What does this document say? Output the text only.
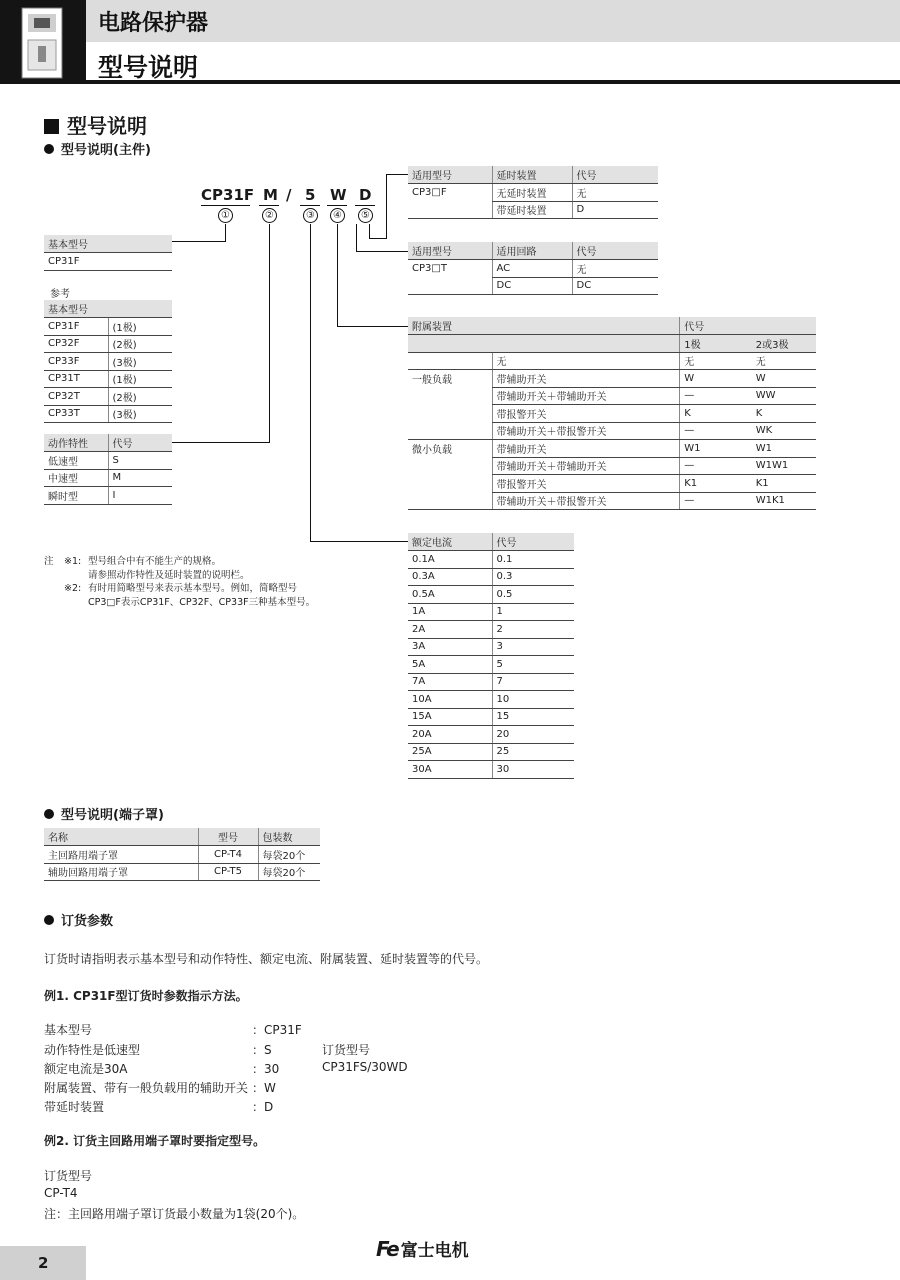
电路保护器
型号说明
型号说明
型号说明(主件)
CP31F M / 5 W D
①	②	③	④	⑤
基本型号
CP31F
参考
基本型号	
CP31F	(1极)
CP32F	(2极)
CP33F	(3极)
CP31T	(1极)
CP32T	(2极)
CP33T	(3极)
动作特性	代号
低速型	S
中速型	M
瞬时型	I
适用型号	延时装置	代号
CP3□F	无延时装置	无
	带延时装置	D
适用型号	适用回路	代号
CP3□T	AC	无
	DC	DC
附属装置		代号	
		1极	2或3极
	无	无	无
一般负载	带辅助开关	W	W
	带辅助开关＋带辅助开关	—	WW
	带报警开关	K	K
	带辅助开关＋带报警开关	—	WK
微小负载	带辅助开关	W1	W1
	带辅助开关＋带辅助开关	—	W1W1
	带报警开关	K1	K1
	带辅助开关＋带报警开关	—	W1K1
额定电流	代号
0.1A	0.1
0.3A	0.3
0.5A	0.5
1A	1
2A	2
3A	3
5A	5
7A	7
10A	10
15A	15
20A	20
25A	25
30A	30
注 ※1: 型号组合中有不能生产的规格。
请参照动作特性及延时装置的说明栏。
※2: 有时用简略型号来表示基本型号。例如，简略型号
CP3□F表示CP31F、CP32F、CP33F三种基本型号。
型号说明(端子罩)
名称	型号	包装数
主回路用端子罩	CP-T4	每袋20个
辅助回路用端子罩	CP-T5	每袋20个
订货参数
订货时请指明表示基本型号和动作特性、额定电流、附属装置、延时装置等的代号。
例1. CP31F型订货时参数指示方法。
基本型号	：CP31F
动作特性是低速型	：S	订货型号
额定电流是30A	：30	CP31FS/30WD
附属装置、带有一般负载用的辅助开关 ：W
带延时装置	：D
例2. 订货主回路用端子罩时要指定型号。
订货型号
CP-T4
注：主回路用端子罩订货最小数量为1袋(20个)。
2
Fe 富士电机
